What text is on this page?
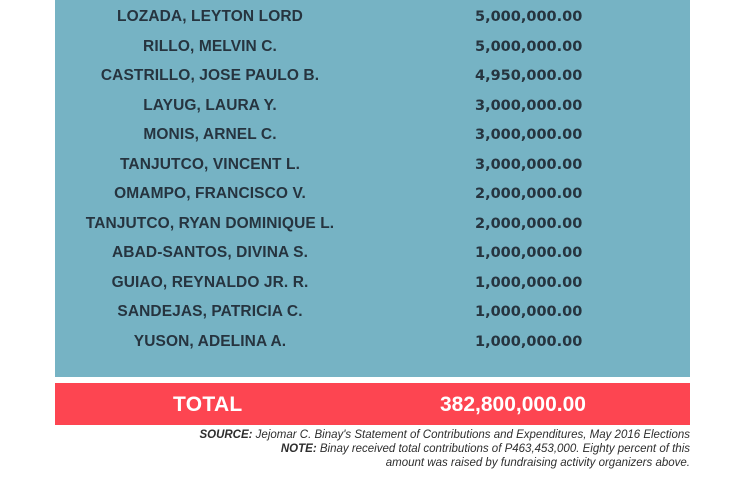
LOZADA, LEYTON LORD	5,000,000.00
RILLO, MELVIN C.	5,000,000.00
CASTRILLO, JOSE PAULO B.	4,950,000.00
LAYUG, LAURA Y.	3,000,000.00
MONIS, ARNEL C.	3,000,000.00
TANJUTCO, VINCENT L.	3,000,000.00
OMAMPO, FRANCISCO V.	2,000,000.00
TANJUTCO, RYAN DOMINIQUE L.	2,000,000.00
ABAD-SANTOS, DIVINA S.	1,000,000.00
GUIAO, REYNALDO JR. R.	1,000,000.00
SANDEJAS, PATRICIA C.	1,000,000.00
YUSON, ADELINA A.	1,000,000.00
TOTAL	382,800,000.00
SOURCE: Jejomar C. Binay's Statement of Contributions and Expenditures, May 2016 Elections
NOTE: Binay received total contributions of P463,453,000. Eighty percent of this
amount was raised by fundraising activity organizers above.
